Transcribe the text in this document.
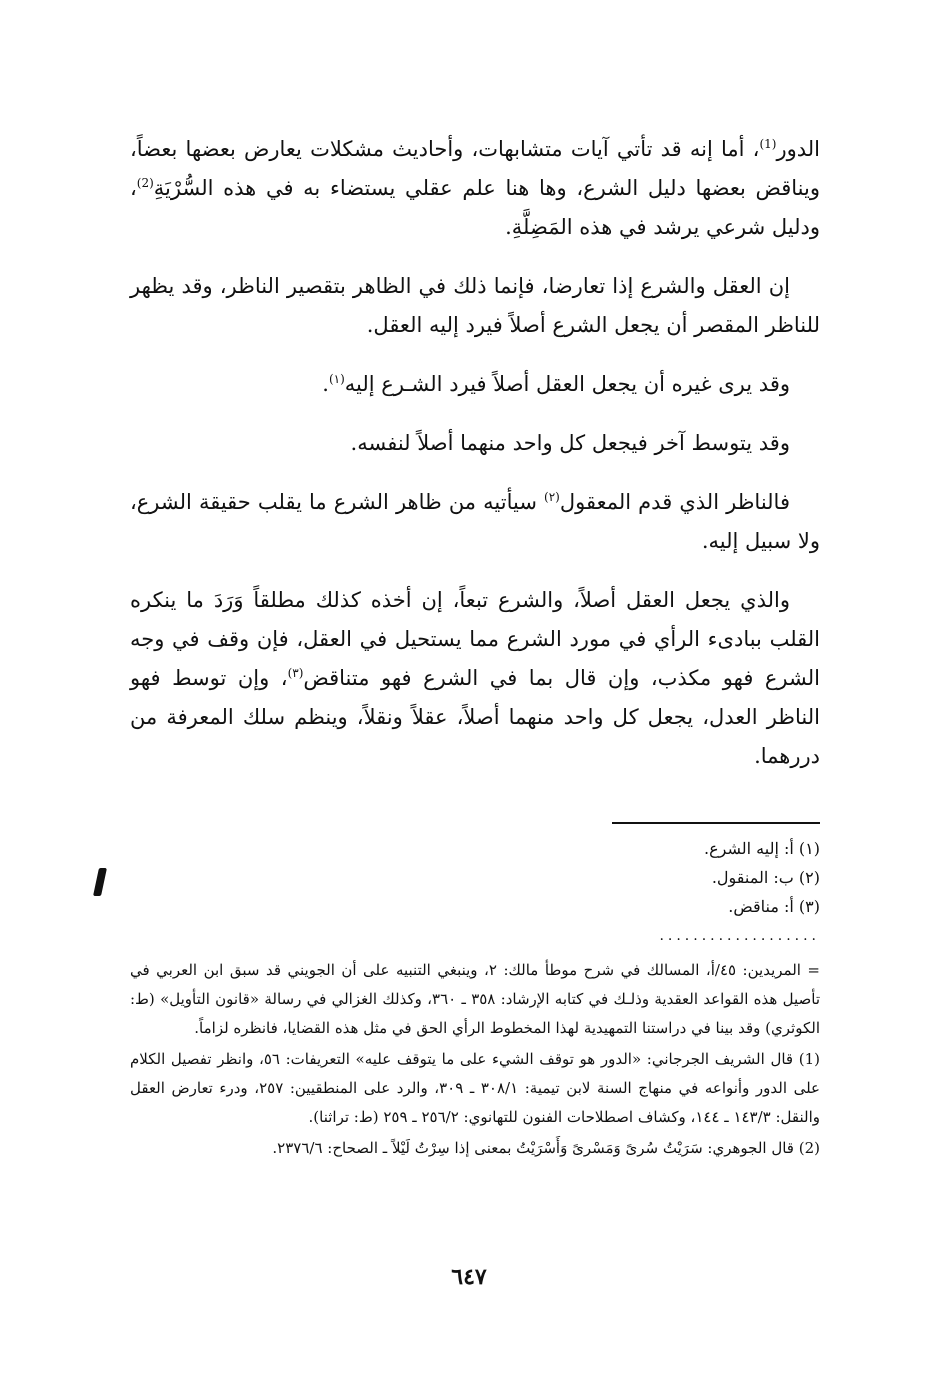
الدور$^{(1)}$، أما إنه قد تأتي آيات متشابهات، وأحاديث مشكلات يعارض بعضها بعضاً، ويناقض بعضها دليل الشرع، وها هنا علم عقلي يستضاء به في هذه السُّرْيَةِ$^{(2)}$، ودليل شرعي يرشد في هذه المَضِلَّةِ.

إن العقل والشرع إذا تعارضا، فإنما ذلك في الظاهر بتقصير الناظر، وقد يظهر للناظر المقصر أن يجعل الشرع أصلاً فيرد إليه العقل.

وقد يرى غيره أن يجعل العقل أصلاً فيرد الشـرع إليه$^{(١)}$.

وقد يتوسط آخر فيجعل كل واحد منهما أصلاً لنفسه.

فالناظر الذي قدم المعقول$^{(٢)}$ سيأتيه من ظاهر الشرع ما يقلب حقيقة الشرع، ولا سبيل إليه.

والذي يجعل العقل أصلاً، والشرع تبعاً، إن أخذه كذلك مطلقاً وَرَدَ ما ينكره القلب ببادىء الرأي في مورد الشرع مما يستحيل في العقل، فإن وقف في وجه الشرع فهو مكذب، وإن قال بما في الشرع فهو متناقض$^{(٣)}$، وإن توسط فهو الناظر العدل، يجعل كل واحد منهما أصلاً، عقلاً ونقلاً، وينظم سلك المعرفة من دررهما.

(١) أ: إليه الشرع.
(٢) ب: المنقول.
(٣) أ: مناقض.
...................

= المريدين: ٤٥/أ، المسالك في شرح موطأ مالك: ٢، وينبغي التنبيه على أن الجويني قد سبق ابن العربي في تأصيل هذه القواعد العقدية وذلـك في كتابه الإرشاد: ٣٥٨ ـ ٣٦٠، وكذلك الغزالي في رسالة «قانون التأويل» (ط: الكوثري) وقد بينا في دراستنا التمهيدية لهذا المخطوط الرأي الحق في مثل هذه القضايا، فانظره لزاماً.

(1) قال الشريف الجرجاني: «الدور هو توقف الشيء على ما يتوقف عليه» التعريفات: ٥٦، وانظر تفصيل الكلام على الدور وأنواعه في منهاج السنة لابن تيمية: ٣٠٨/١ ـ ٣٠٩، والرد على المنطقيين: ٢٥٧، ودرء تعارض العقل والنقل: ١٤٣/٣ ـ ١٤٤، وكشاف اصطلاحات الفنون للتهانوي: ٢٥٦/٢ ـ ٢٥٩ (ط: تراثنا).

(2) قال الجوهري: سَرَيْتُ سُرىً وَمَسْرىً وَأَسْرَيْتُ بمعنى إذا سِرْتُ لَيْلاً ـ الصحاح: ٢٣٧٦/٦.

٦٤٧
